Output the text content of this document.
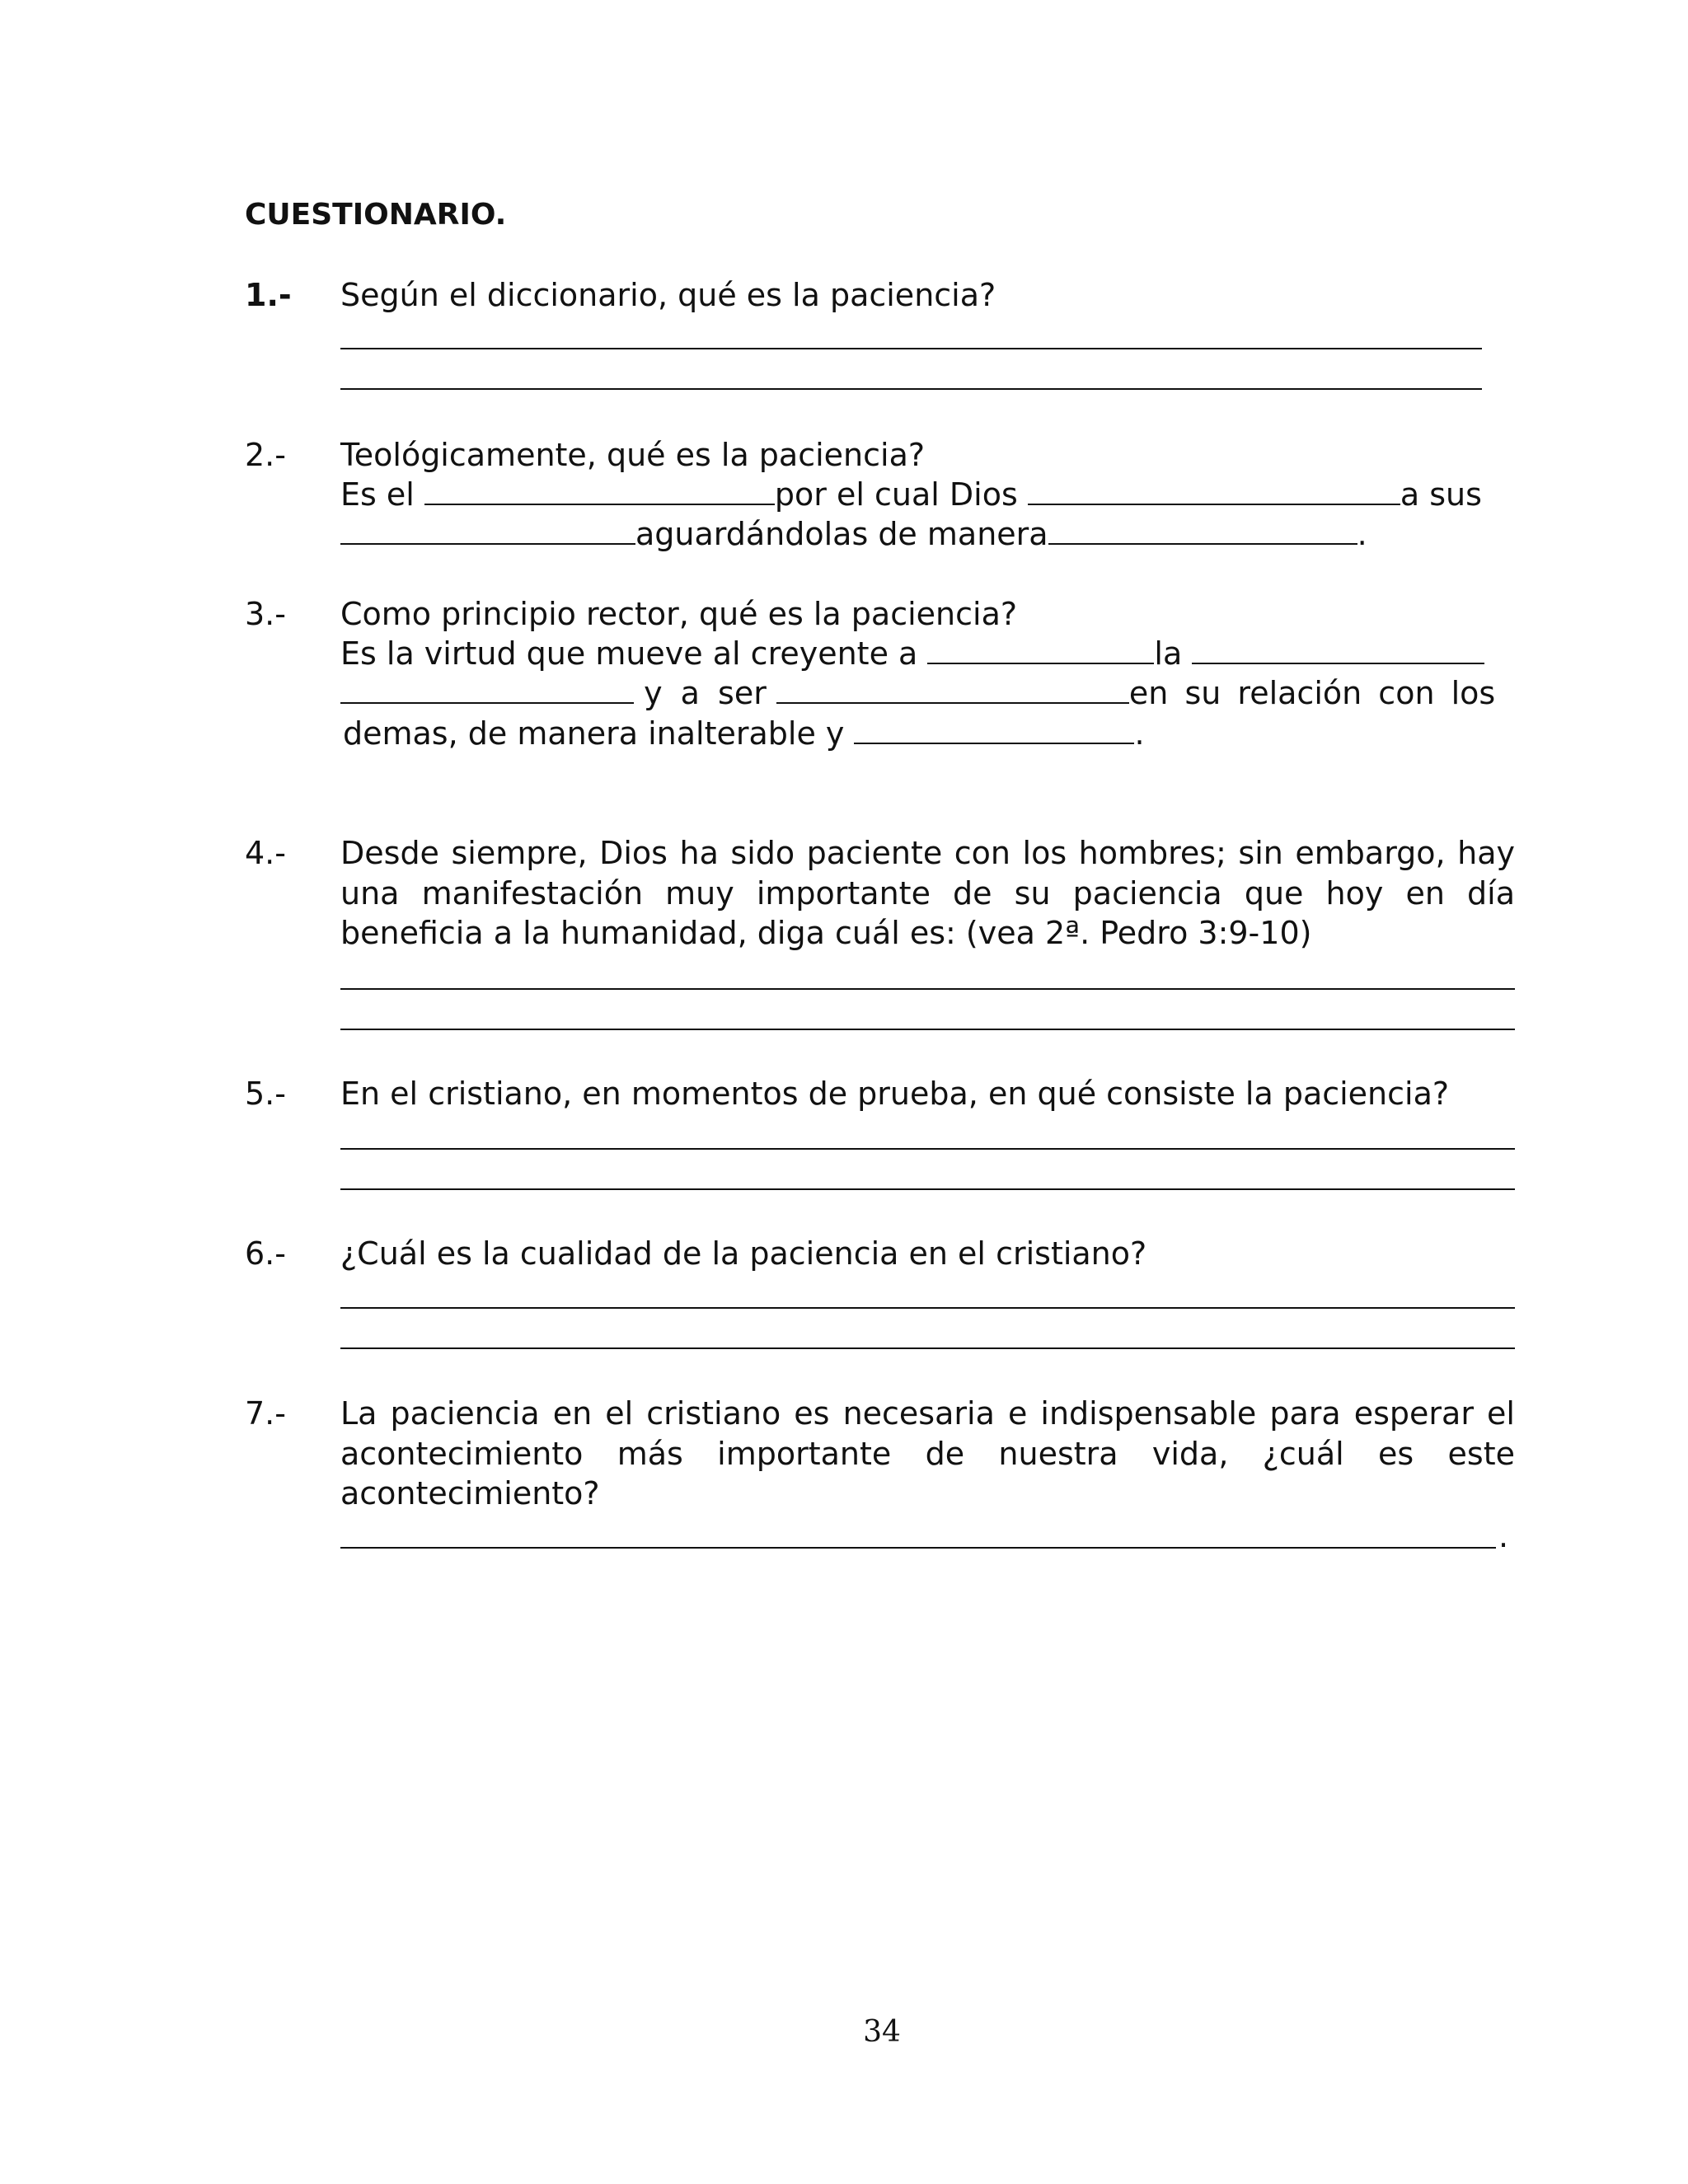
CUESTIONARIO.
1.- Según el diccionario, qué es la paciencia?
2.- Teológicamente, qué es la paciencia?
Es el	por el cual Dios	a sus
aguardándolas de manera	.
3.- Como principio rector, qué es la paciencia?
Es la virtud que mueve al creyente a	la
y a ser	en su relación con los
demas, de manera inalterable y	.
4.- Desde siempre, Dios ha sido paciente con los hombres; sin embargo, hay una manifestación muy importante de su paciencia que hoy en día beneficia a la humanidad, diga cuál es: (vea 2ª. Pedro 3:9-10)
5.- En el cristiano, en momentos de prueba, en qué consiste la paciencia?
6.- ¿Cuál es la cualidad de la paciencia en el cristiano?
7.- La paciencia en el cristiano es necesaria e indispensable para esperar el acontecimiento más importante de nuestra vida, ¿cuál es este acontecimiento?
.
34
